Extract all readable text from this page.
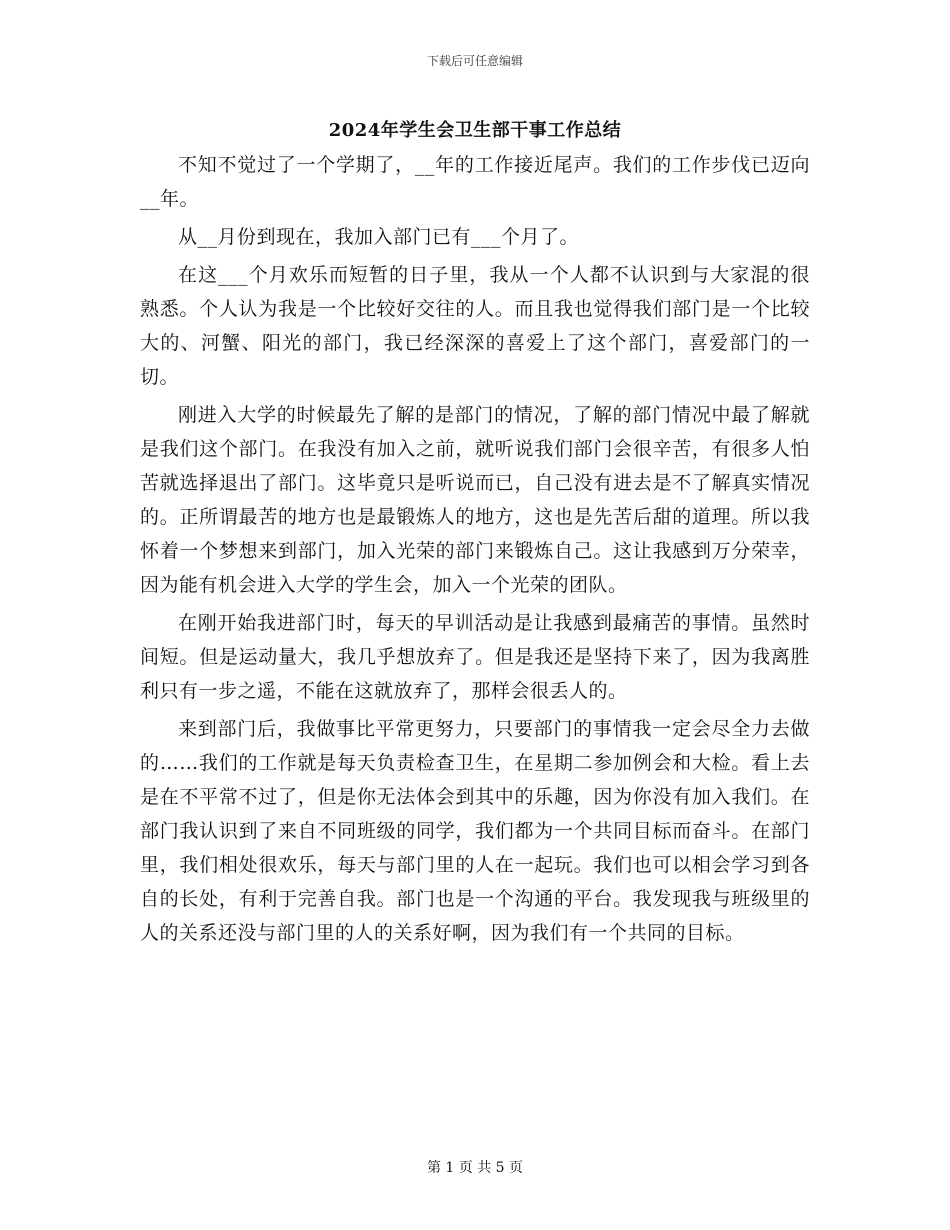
下载后可任意编辑
2024年学生会卫生部干事工作总结

不知不觉过了一个学期了，__年的工作接近尾声。我们的工作步伐已迈向__年。

从__月份到现在，我加入部门已有___个月了。

在这___个月欢乐而短暂的日子里，我从一个人都不认识到与大家混的很熟悉。个人认为我是一个比较好交往的人。而且我也觉得我们部门是一个比较大的、河蟹、阳光的部门，我已经深深的喜爱上了这个部门，喜爱部门的一切。

刚进入大学的时候最先了解的是部门的情况，了解的部门情况中最了解就是我们这个部门。在我没有加入之前，就听说我们部门会很辛苦，有很多人怕苦就选择退出了部门。这毕竟只是听说而已，自己没有进去是不了解真实情况的。正所谓最苦的地方也是最锻炼人的地方，这也是先苦后甜的道理。所以我怀着一个梦想来到部门，加入光荣的部门来锻炼自己。这让我感到万分荣幸，因为能有机会进入大学的学生会，加入一个光荣的团队。

在刚开始我进部门时，每天的早训活动是让我感到最痛苦的事情。虽然时间短。但是运动量大，我几乎想放弃了。但是我还是坚持下来了，因为我离胜利只有一步之遥，不能在这就放弃了，那样会很丢人的。

来到部门后，我做事比平常更努力，只要部门的事情我一定会尽全力去做的……我们的工作就是每天负责检查卫生，在星期二参加例会和大检。看上去是在不平常不过了，但是你无法体会到其中的乐趣，因为你没有加入我们。在部门我认识到了来自不同班级的同学，我们都为一个共同目标而奋斗。在部门里，我们相处很欢乐，每天与部门里的人在一起玩。我们也可以相会学习到各自的长处，有利于完善自我。部门也是一个沟通的平台。我发现我与班级里的人的关系还没与部门里的人的关系好啊，因为我们有一个共同的目标。

第 1 页 共 5 页
